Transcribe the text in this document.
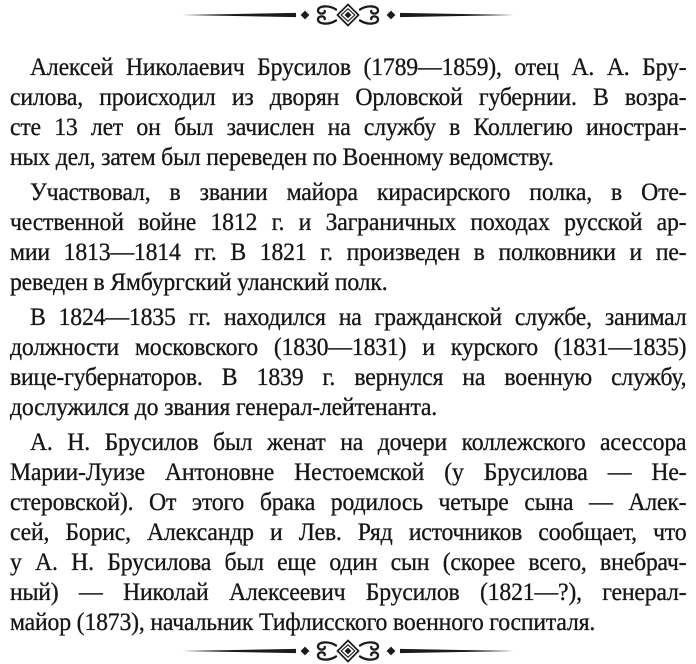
Алексей Николаевич Брусилов (1789—1859), отец А. А. Бру-
силова, происходил из дворян Орловской губернии. В возра-
сте 13 лет он был зачислен на службу в Коллегию иностран-
ных дел, затем был переведен по Военному ведомству.

Участвовал, в звании майора кирасирского полка, в Оте-
чественной войне 1812 г. и Заграничных походах русской ар-
мии 1813—1814 гг. В 1821 г. произведен в полковники и пе-
реведен в Ямбургский уланский полк.

В 1824—1835 гг. находился на гражданской службе, занимал
должности московского (1830—1831) и курского (1831—1835)
вице-губернаторов. В 1839 г. вернулся на военную службу,
дослужился до звания генерал-лейтенанта.

А. Н. Брусилов был женат на дочери коллежского асессора
Марии-Луизе Антоновне Нестоемской (у Брусилова — Не-
стеровской). От этого брака родилось четыре сына — Алек-
сей, Борис, Александр и Лев. Ряд источников сообщает, что
у А. Н. Брусилова был еще один сын (скорее всего, внебрач-
ный) — Николай Алексеевич Брусилов (1821—?), генерал-
майор (1873), начальник Тифлисского военного госпиталя.
